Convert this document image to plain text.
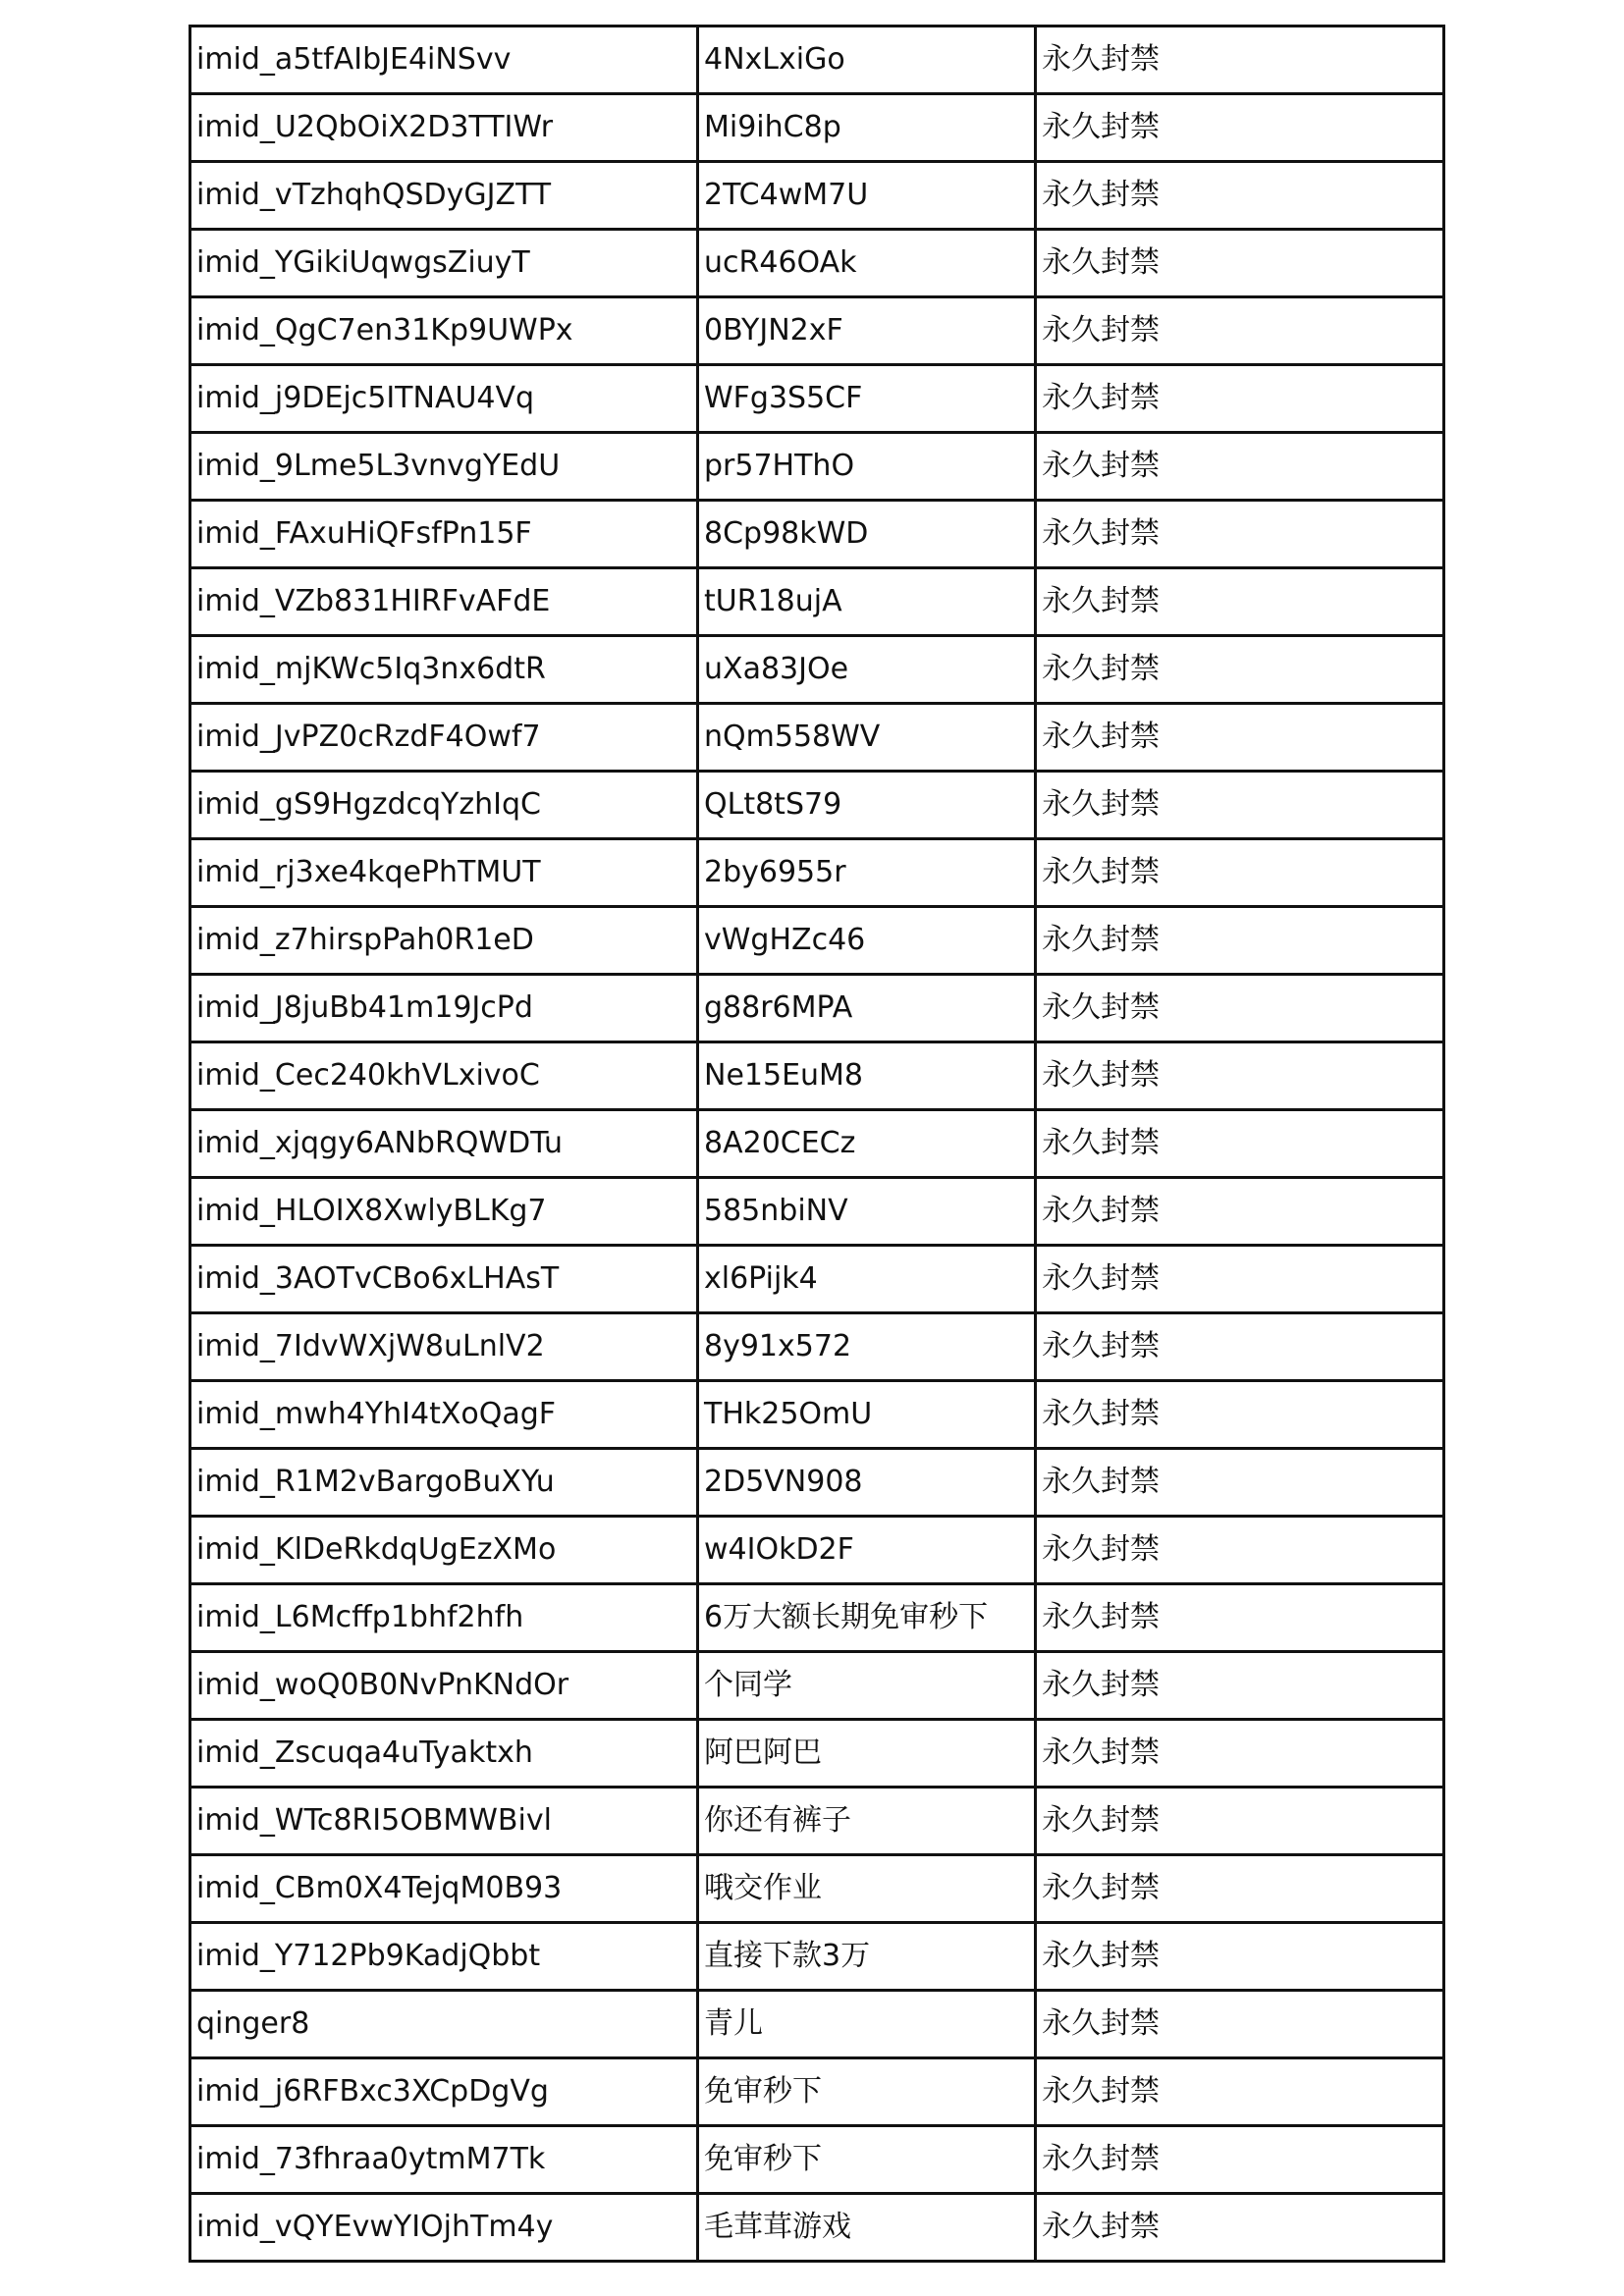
imid_a5tfAIbJE4iNSvv	4NxLxiGo	永久封禁
imid_U2QbOiX2D3TTIWr	Mi9ihC8p	永久封禁
imid_vTzhqhQSDyGJZTT	2TC4wM7U	永久封禁
imid_YGikiUqwgsZiuyT	ucR46OAk	永久封禁
imid_QgC7en31Kp9UWPx	0BYJN2xF	永久封禁
imid_j9DEjc5ITNAU4Vq	WFg3S5CF	永久封禁
imid_9Lme5L3vnvgYEdU	pr57HThO	永久封禁
imid_FAxuHiQFsfPn15F	8Cp98kWD	永久封禁
imid_VZb831HIRFvAFdE	tUR18ujA	永久封禁
imid_mjKWc5Iq3nx6dtR	uXa83JOe	永久封禁
imid_JvPZ0cRzdF4Owf7	nQm558WV	永久封禁
imid_gS9HgzdcqYzhIqC	QLt8tS79	永久封禁
imid_rj3xe4kqePhTMUT	2by6955r	永久封禁
imid_z7hirspPah0R1eD	vWgHZc46	永久封禁
imid_J8juBb41m19JcPd	g88r6MPA	永久封禁
imid_Cec240khVLxivoC	Ne15EuM8	永久封禁
imid_xjqgy6ANbRQWDTu	8A20CECz	永久封禁
imid_HLOIX8XwlyBLKg7	585nbiNV	永久封禁
imid_3AOTvCBo6xLHAsT	xl6Pijk4	永久封禁
imid_7IdvWXjW8uLnlV2	8y91x572	永久封禁
imid_mwh4YhI4tXoQagF	THk25OmU	永久封禁
imid_R1M2vBargoBuXYu	2D5VN908	永久封禁
imid_KlDeRkdqUgEzXMo	w4IOkD2F	永久封禁
imid_L6Mcffp1bhf2hfh	6万大额长期免审秒下	永久封禁
imid_woQ0B0NvPnKNdOr	个同学	永久封禁
imid_Zscuqa4uTyaktxh	阿巴阿巴	永久封禁
imid_WTc8RI5OBMWBivl	你还有裤子	永久封禁
imid_CBm0X4TejqM0B93	哦交作业	永久封禁
imid_Y712Pb9KadjQbbt	直接下款3万	永久封禁
qinger8	青儿	永久封禁
imid_j6RFBxc3XCpDgVg	免审秒下	永久封禁
imid_73fhraa0ytmM7Tk	免审秒下	永久封禁
imid_vQYEvwYIOjhTm4y	毛茸茸游戏	永久封禁
